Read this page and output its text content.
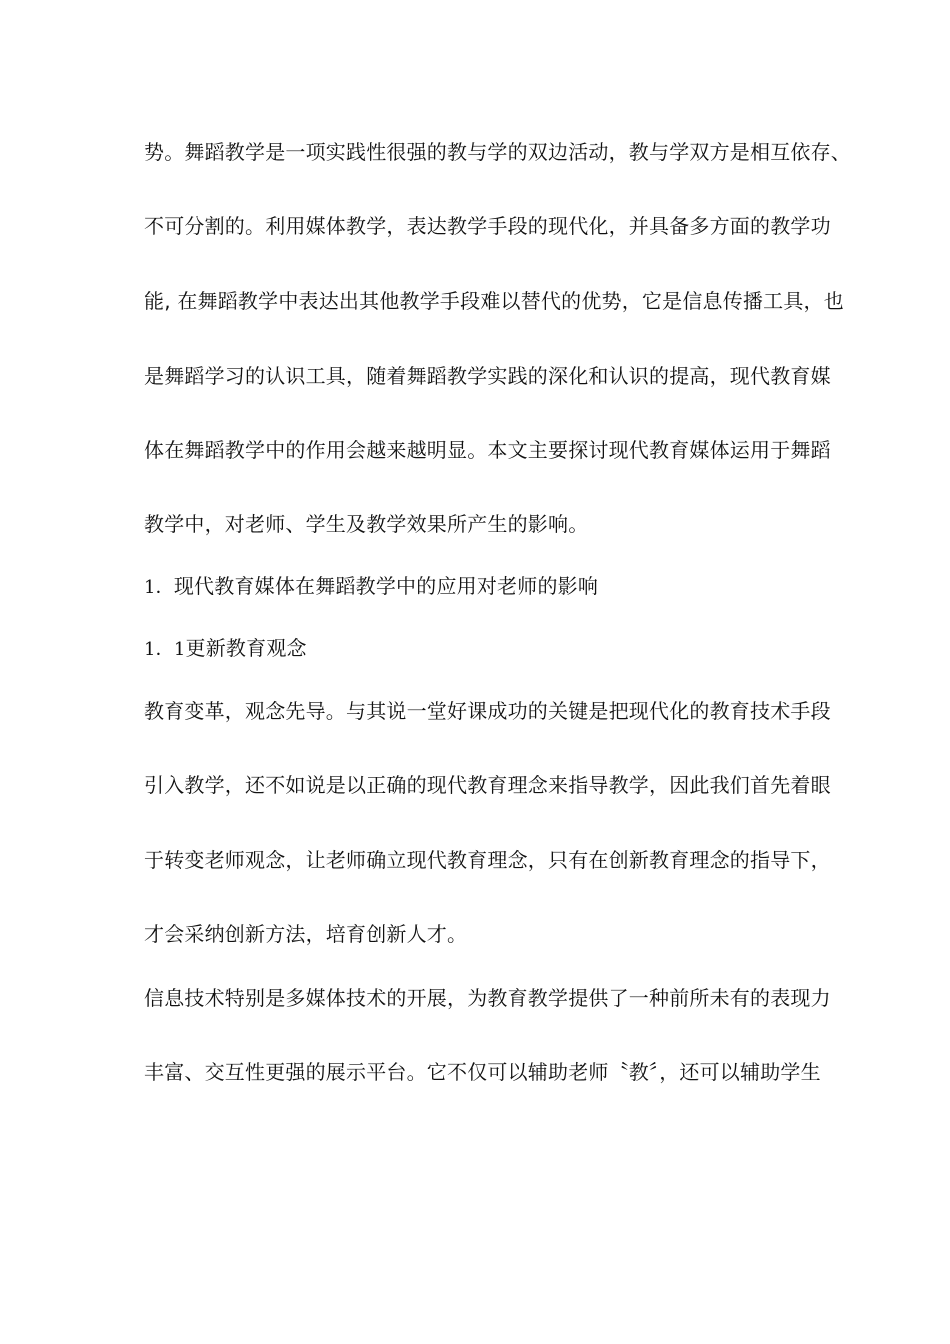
势。舞蹈教学是一项实践性很强的教与学的双边活动，教与学双方是相互依存、
不可分割的。利用媒体教学，表达教学手段的现代化，并具备多方面的教学功
能, 在舞蹈教学中表达出其他教学手段难以替代的优势，它是信息传播工具，也
是舞蹈学习的认识工具，随着舞蹈教学实践的深化和认识的提高，现代教育媒
体在舞蹈教学中的作用会越来越明显。本文主要探讨现代教育媒体运用于舞蹈
教学中，对老师、学生及教学效果所产生的影响。
1．现代教育媒体在舞蹈教学中的应用对老师的影响
1．1更新教育观念
教育变革，观念先导。与其说一堂好课成功的关键是把现代化的教育技术手段
引入教学，还不如说是以正确的现代教育理念来指导教学，因此我们首先着眼
于转变老师观念，让老师确立现代教育理念，只有在创新教育理念的指导下，
才会采纳创新方法，培育创新人才。
信息技术特别是多媒体技术的开展，为教育教学提供了一种前所未有的表现力
丰富、交互性更强的展示平台。它不仅可以辅助老师〝教〞，还可以辅助学生
